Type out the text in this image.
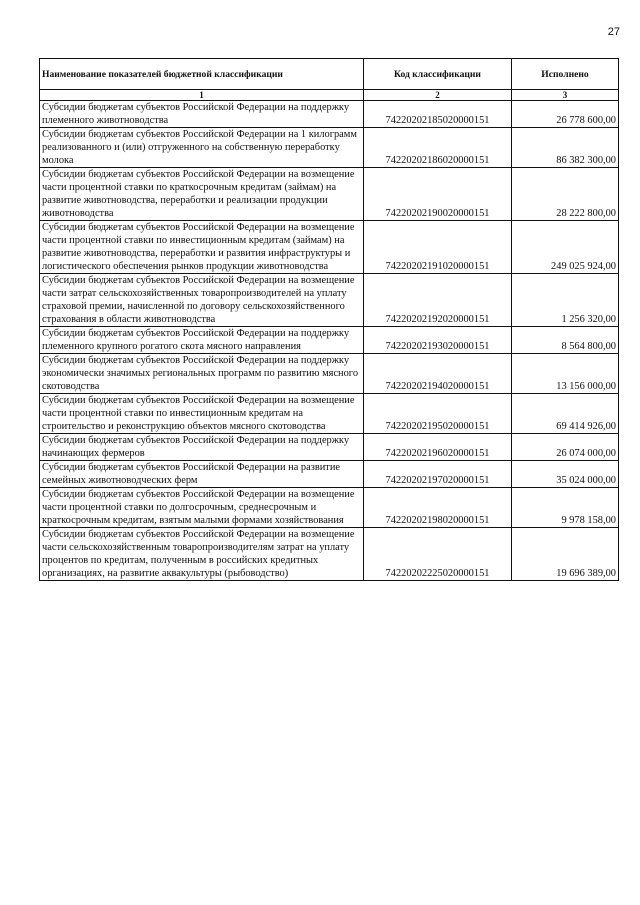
27
Наименование показателей бюджетной классификации	Код классификации	Исполнено
1	2	3
Субсидии бюджетам субъектов Российской Федерации на поддержку племенного животноводства	74220202185020000151	26 778 600,00
Субсидии бюджетам субъектов Российской Федерации на 1 килограмм реализованного и (или) отгруженного на собственную переработку молока	74220202186020000151	86 382 300,00
Субсидии бюджетам субъектов Российской Федерации на возмещение части процентной ставки по краткосрочным кредитам (займам) на развитие животноводства, переработки и реализации продукции животноводства	74220202190020000151	28 222 800,00
Субсидии бюджетам субъектов Российской Федерации на возмещение части процентной ставки по инвестиционным кредитам (займам) на развитие животноводства, переработки и развития инфраструктуры и логистического обеспечения рынков продукции животноводства	74220202191020000151	249 025 924,00
Субсидии бюджетам субъектов Российской Федерации на возмещение части затрат сельскохозяйственных товаропроизводителей на уплату страховой премии, начисленной по договору сельскохозяйственного страхования в области животноводства	74220202192020000151	1 256 320,00
Субсидии бюджетам субъектов Российской Федерации на поддержку племенного крупного рогатого скота мясного направления	74220202193020000151	8 564 800,00
Субсидии бюджетам субъектов Российской Федерации на поддержку экономически значимых региональных программ по развитию мясного скотоводства	74220202194020000151	13 156 000,00
Субсидии бюджетам субъектов Российской Федерации на возмещение части процентной ставки по инвестиционным кредитам на строительство и реконструкцию объектов мясного скотоводства	74220202195020000151	69 414 926,00
Субсидии бюджетам субъектов Российской Федерации на поддержку начинающих фермеров	74220202196020000151	26 074 000,00
Субсидии бюджетам субъектов Российской Федерации на развитие семейных животноводческих ферм	74220202197020000151	35 024 000,00
Субсидии бюджетам субъектов Российской Федерации на возмещение части процентной ставки по долгосрочным, среднесрочным и краткосрочным кредитам, взятым малыми формами хозяйствования	74220202198020000151	9 978 158,00
Субсидии бюджетам субъектов Российской Федерации на возмещение части сельскохозяйственным товаропроизводителям затрат на уплату процентов по кредитам, полученным в российских кредитных организациях, на развитие аквакультуры (рыбоводство)	74220202225020000151	19 696 389,00
